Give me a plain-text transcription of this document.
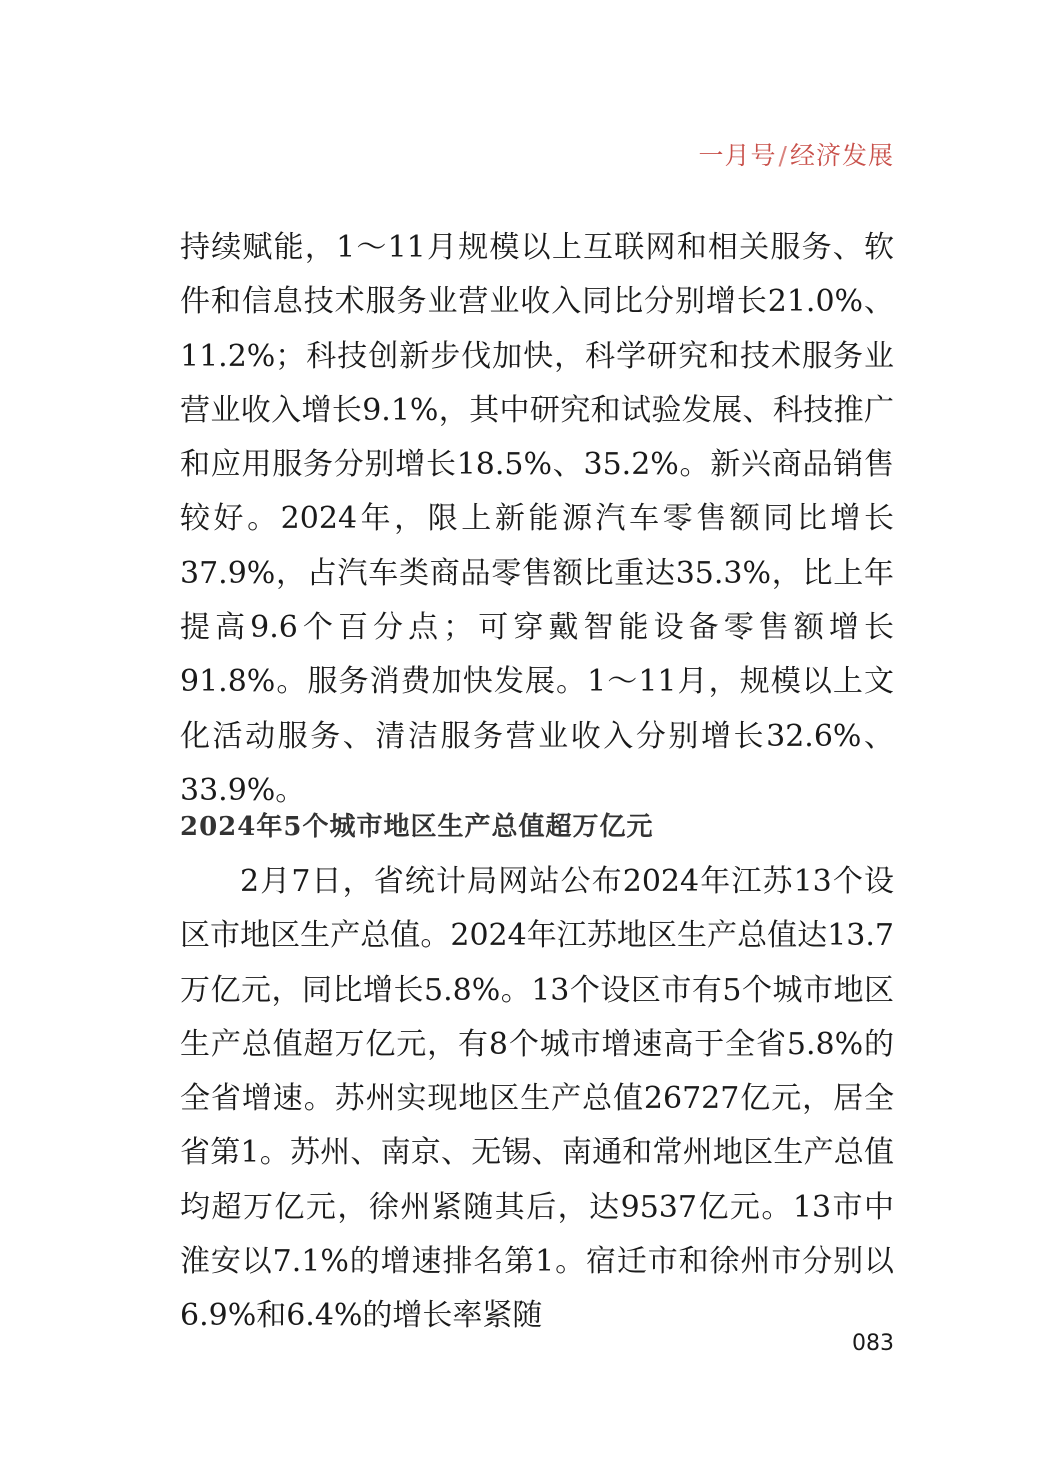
一月号/经济发展

持续赋能，1～11月规模以上互联网和相关服务、软件和信息技术服务业营业收入同比分别增长21.0%、11.2%；科技创新步伐加快，科学研究和技术服务业营业收入增长9.1%，其中研究和试验发展、科技推广和应用服务分别增长18.5%、35.2%。新兴商品销售较好。2024年，限上新能源汽车零售额同比增长37.9%，占汽车类商品零售额比重达35.3%，比上年提高9.6个百分点；可穿戴智能设备零售额增长91.8%。服务消费加快发展。1～11月，规模以上文化活动服务、清洁服务营业收入分别增长32.6%、33.9%。

2024年5个城市地区生产总值超万亿元

2月7日，省统计局网站公布2024年江苏13个设区市地区生产总值。2024年江苏地区生产总值达13.7万亿元，同比增长5.8%。13个设区市有5个城市地区生产总值超万亿元，有8个城市增速高于全省5.8%的全省增速。苏州实现地区生产总值26727亿元，居全省第1。苏州、南京、无锡、南通和常州地区生产总值均超万亿元，徐州紧随其后，达9537亿元。13市中淮安以7.1%的增速排名第1。宿迁市和徐州市分别以6.9%和6.4%的增长率紧随

083
